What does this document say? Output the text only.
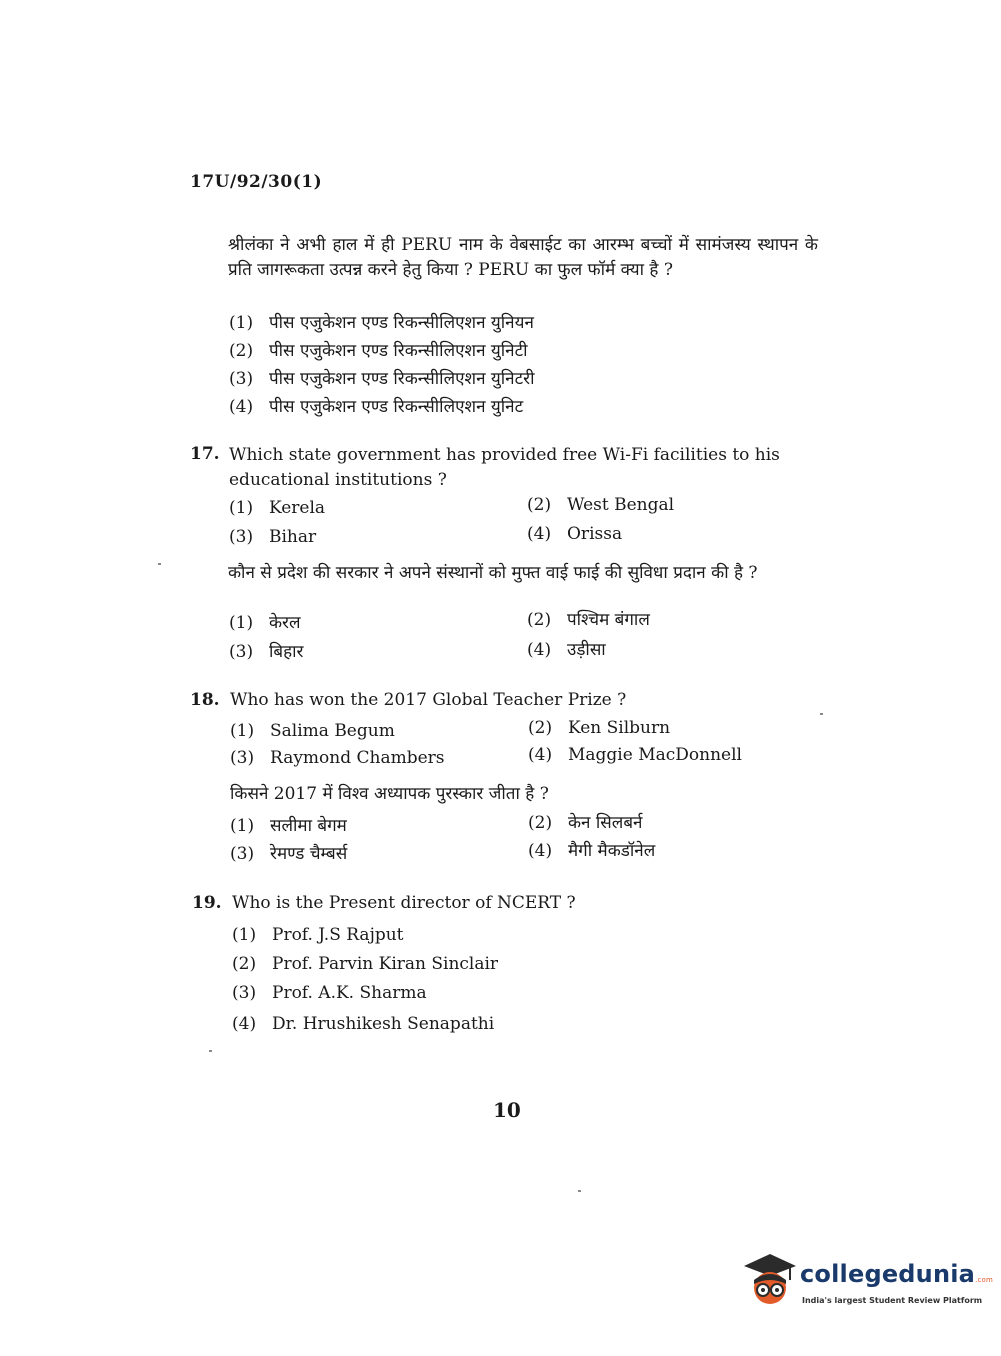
17U/92/30(1)
श्रीलंका ने अभी हाल में ही PERU नाम के वेबसाईट का आरम्भ बच्चों में सामंजस्य स्थापन के प्रति जागरूकता उत्पन्न करने हेतु किया ? PERU का फुल फॉर्म क्या है ?
(1) पीस एजुकेशन एण्ड रिकन्सीलिएशन युनियन
(2) पीस एजुकेशन एण्ड रिकन्सीलिएशन युनिटी
(3) पीस एजुकेशन एण्ड रिकन्सीलिएशन युनिटरी
(4) पीस एजुकेशन एण्ड रिकन्सीलिएशन युनिट
17. Which state government has provided free Wi-Fi facilities to his educational institutions ?
(1) Kerela	(2) West Bengal
(3) Bihar	(4) Orissa
कौन से प्रदेश की सरकार ने अपने संस्थानों को मुफ्त वाई फाई की सुविधा प्रदान की है ?
(1) केरल	(2) पश्चिम बंगाल
(3) बिहार	(4) उड़ीसा
18. Who has won the 2017 Global Teacher Prize ?
(1) Salima Begum	(2) Ken Silburn
(3) Raymond Chambers	(4) Maggie MacDonnell
किसने 2017 में विश्व अध्यापक पुरस्कार जीता है ?
(1) सलीमा बेगम	(2) केन सिलबर्न
(3) रेमण्ड चैम्बर्स	(4) मैगी मैकडॉनेल
19. Who is the Present director of NCERT ?
(1) Prof. J.S Rajput
(2) Prof. Parvin Kiran Sinclair
(3) Prof. A.K. Sharma
(4) Dr. Hrushikesh Senapathi
10
collegedunia.com
India's largest Student Review Platform
